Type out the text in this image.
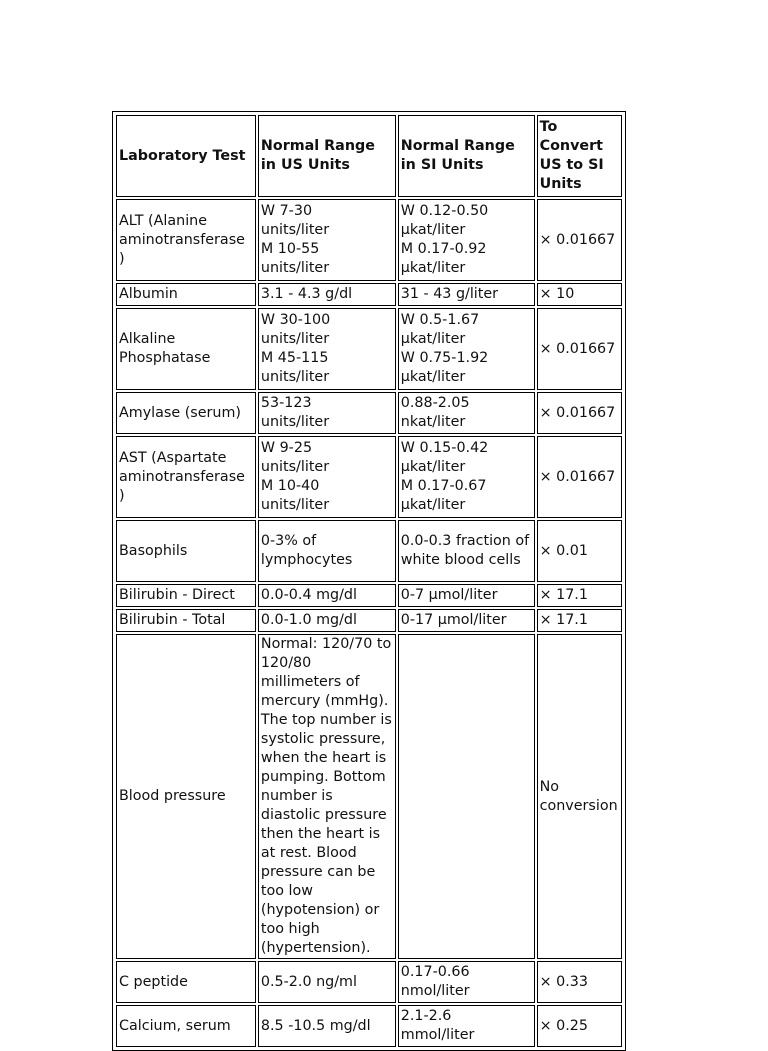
Laboratory Test	Normal Range in US Units	Normal Range in SI Units	To Convert US to SI Units
ALT (Alanine aminotransferase )	W 7-30
units/liter
M 10-55
units/liter	W 0.12-0.50
µkat/liter
M 0.17-0.92
µkat/liter	× 0.01667
Albumin	3.1 - 4.3 g/dl	31 - 43 g/liter	× 10
Alkaline Phosphatase	W 30-100
units/liter
M 45-115
units/liter	W 0.5-1.67
µkat/liter
W 0.75-1.92
µkat/liter	× 0.01667
Amylase (serum)	53-123
units/liter	0.88-2.05
nkat/liter	× 0.01667
AST (Aspartate aminotransferase )	W 9-25
units/liter
M 10-40
units/liter	W 0.15-0.42
µkat/liter
M 0.17-0.67
µkat/liter	× 0.01667
Basophils	0-3% of lymphocytes	0.0-0.3 fraction of white blood cells	× 0.01
Bilirubin - Direct	0.0-0.4 mg/dl	0-7 µmol/liter	× 17.1
Bilirubin - Total	0.0-1.0 mg/dl	0-17 µmol/liter	× 17.1
Blood pressure	Normal: 120/70 to 120/80 millimeters of mercury (mmHg). The top number is systolic pressure, when the heart is pumping. Bottom number is diastolic pressure then the heart is at rest. Blood pressure can be too low (hypotension) or too high (hypertension).		No conversion
C peptide	0.5-2.0 ng/ml	0.17-0.66
nmol/liter	× 0.33
Calcium, serum	8.5 -10.5 mg/dl	2.1-2.6
mmol/liter	× 0.25
